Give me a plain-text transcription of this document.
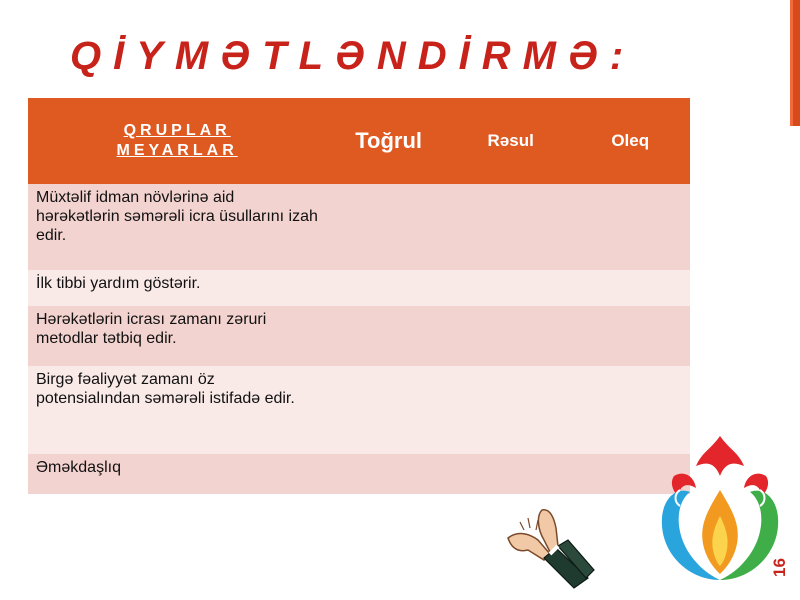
QİYMƏTLƏNDİRMƏ:
QRUPLAR
MEYARLAR	Toğrul	Rəsul	Oleq
Müxtəlif idman növlərinə aid hərəkətlərin səmərəli icra üsullarını izah edir.			
İlk tibbi yardım göstərir.			
Hərəkətlərin icrası zamanı zəruri metodlar tətbiq edir.			
Birgə fəaliyyət zamanı öz potensialından səmərəli istifadə edir.			
Əməkdaşlıq			
16
